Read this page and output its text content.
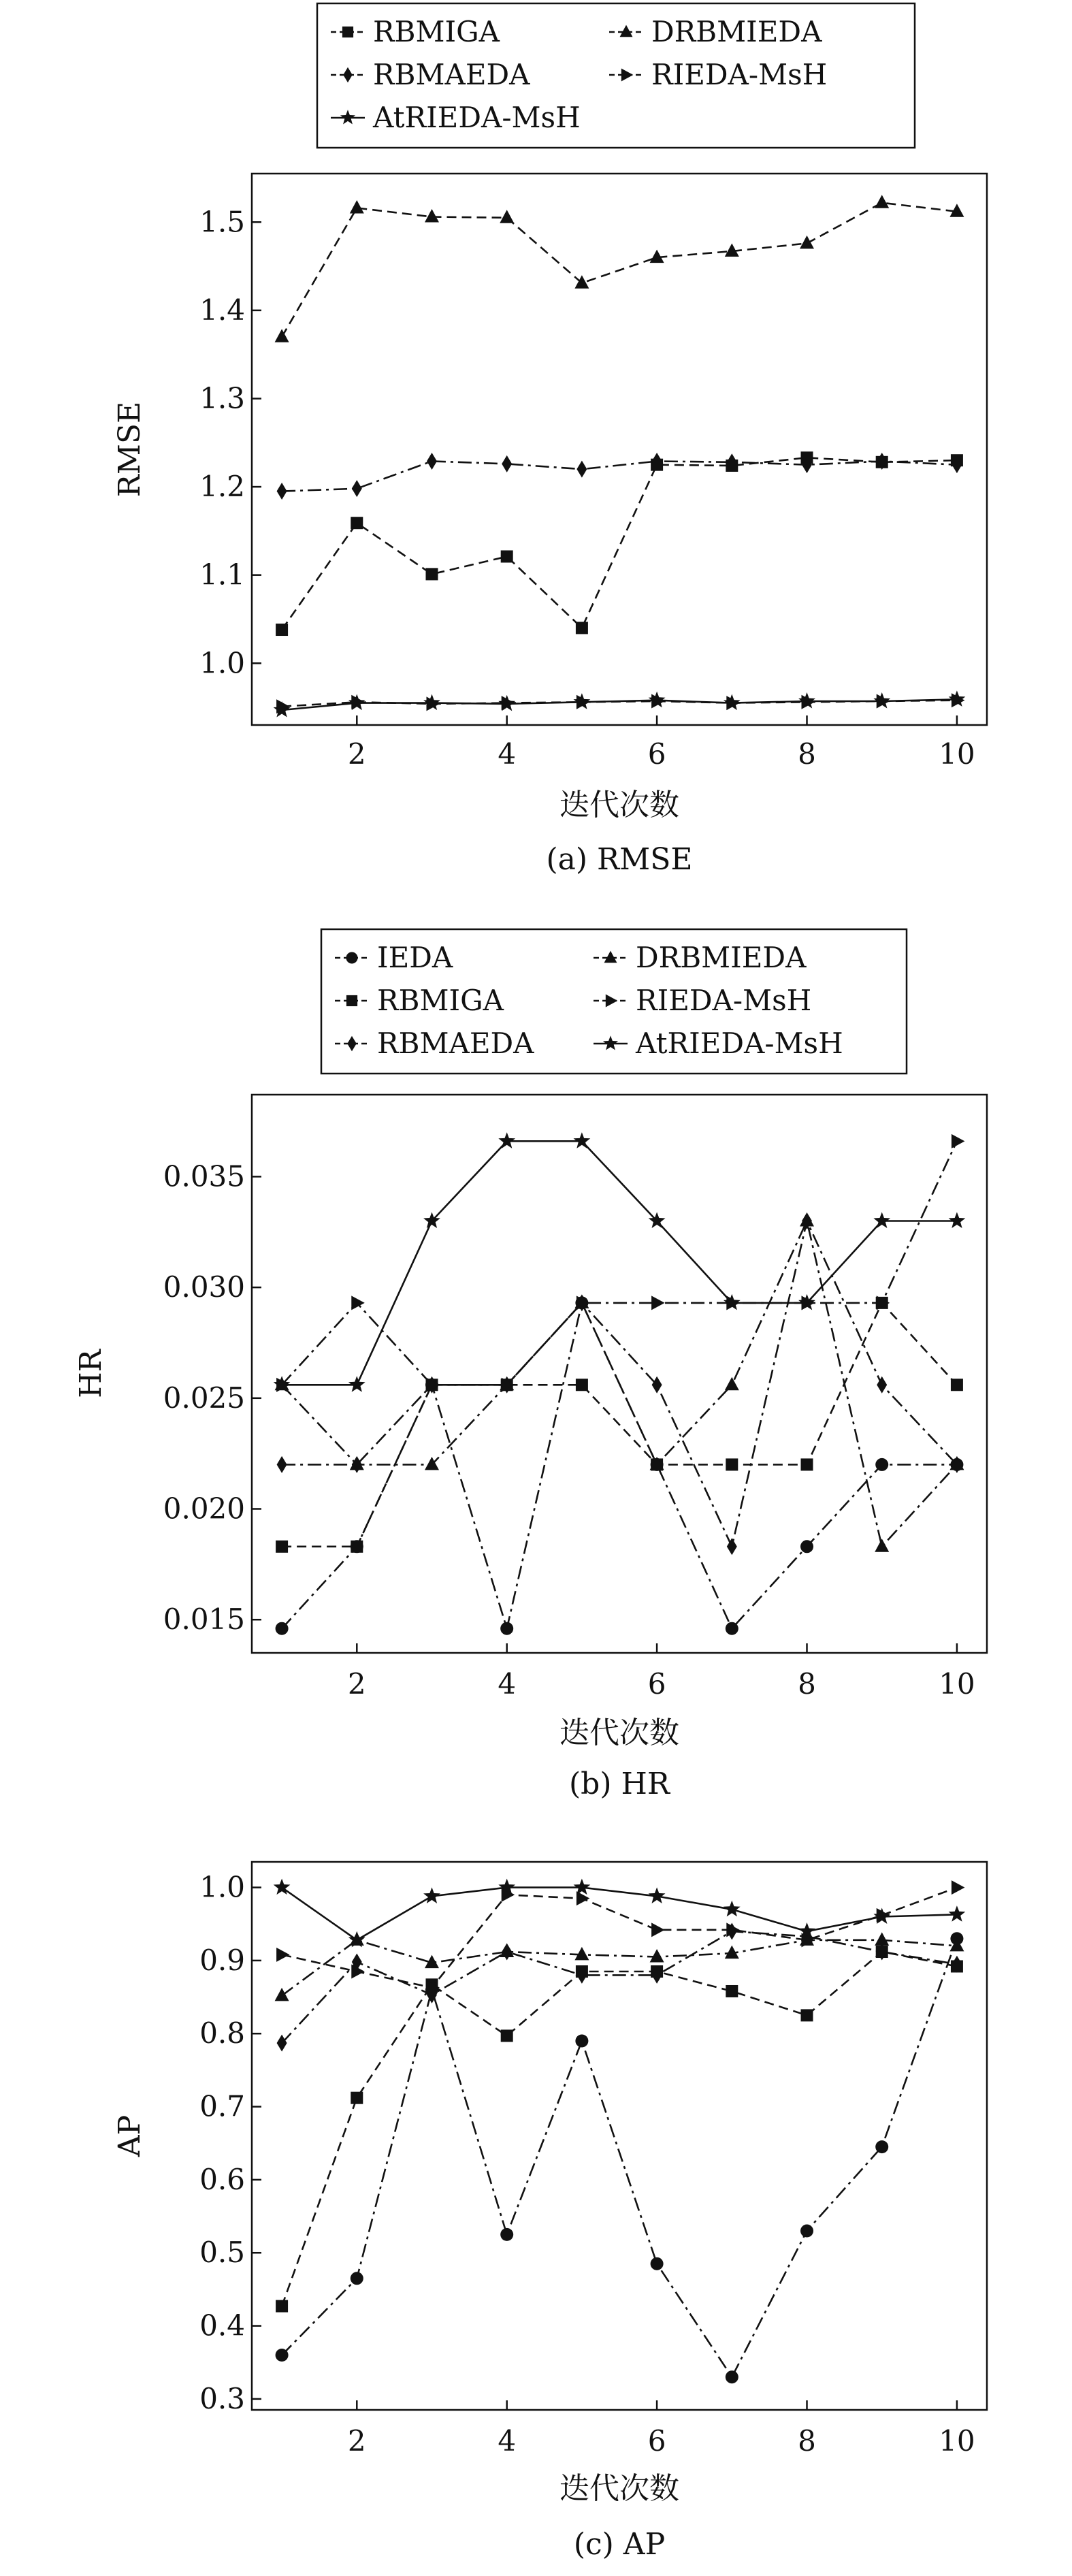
2	4	6	8	10
1.0
1.1
1.2
1.3
1.4
1.5
迭代次数
RMSE
(a) RMSE
RBMIGA	DRBMIEDA
RBMAEDA	RIEDA-MsH
AtRIEDA-MsH
2	4	6	8	10
0.015
0.020
0.025
0.030
0.035
迭代次数
HR
(b) HR
IEDA	DRBMIEDA
RBMIGA	RIEDA-MsH
RBMAEDA	AtRIEDA-MsH
2	4	6	8	10
0.3
0.4
0.5
0.6
0.7
0.8
0.9
1.0
迭代次数
AP
(c) AP
